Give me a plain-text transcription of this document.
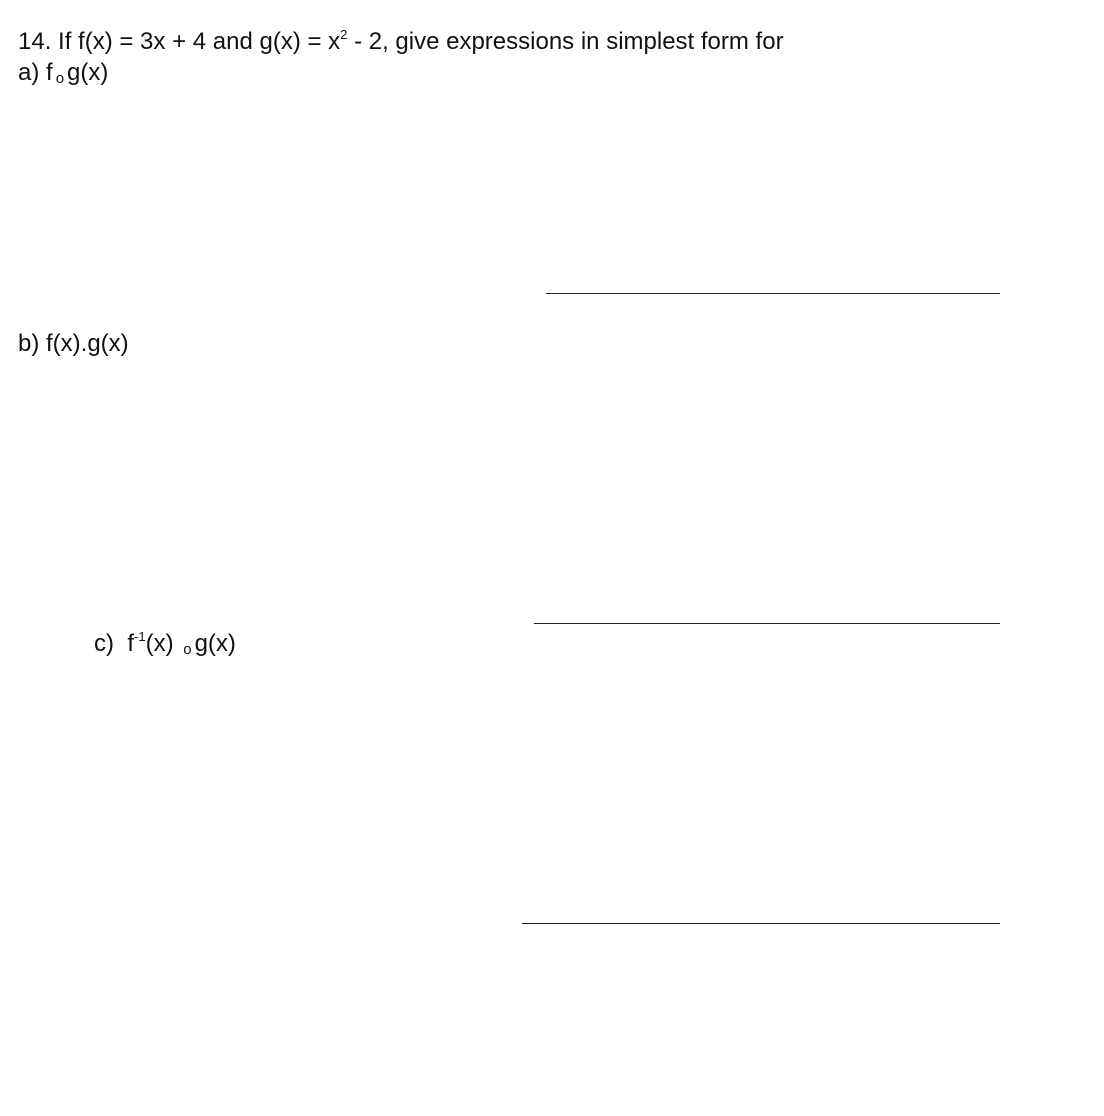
14. If f(x) = 3x + 4 and $g(x) = x^2 - 2$, give expressions in simplest form for
a) f o g(x)
b) f(x).g(x)
c) $f^{-1}(x)$ o g(x)
